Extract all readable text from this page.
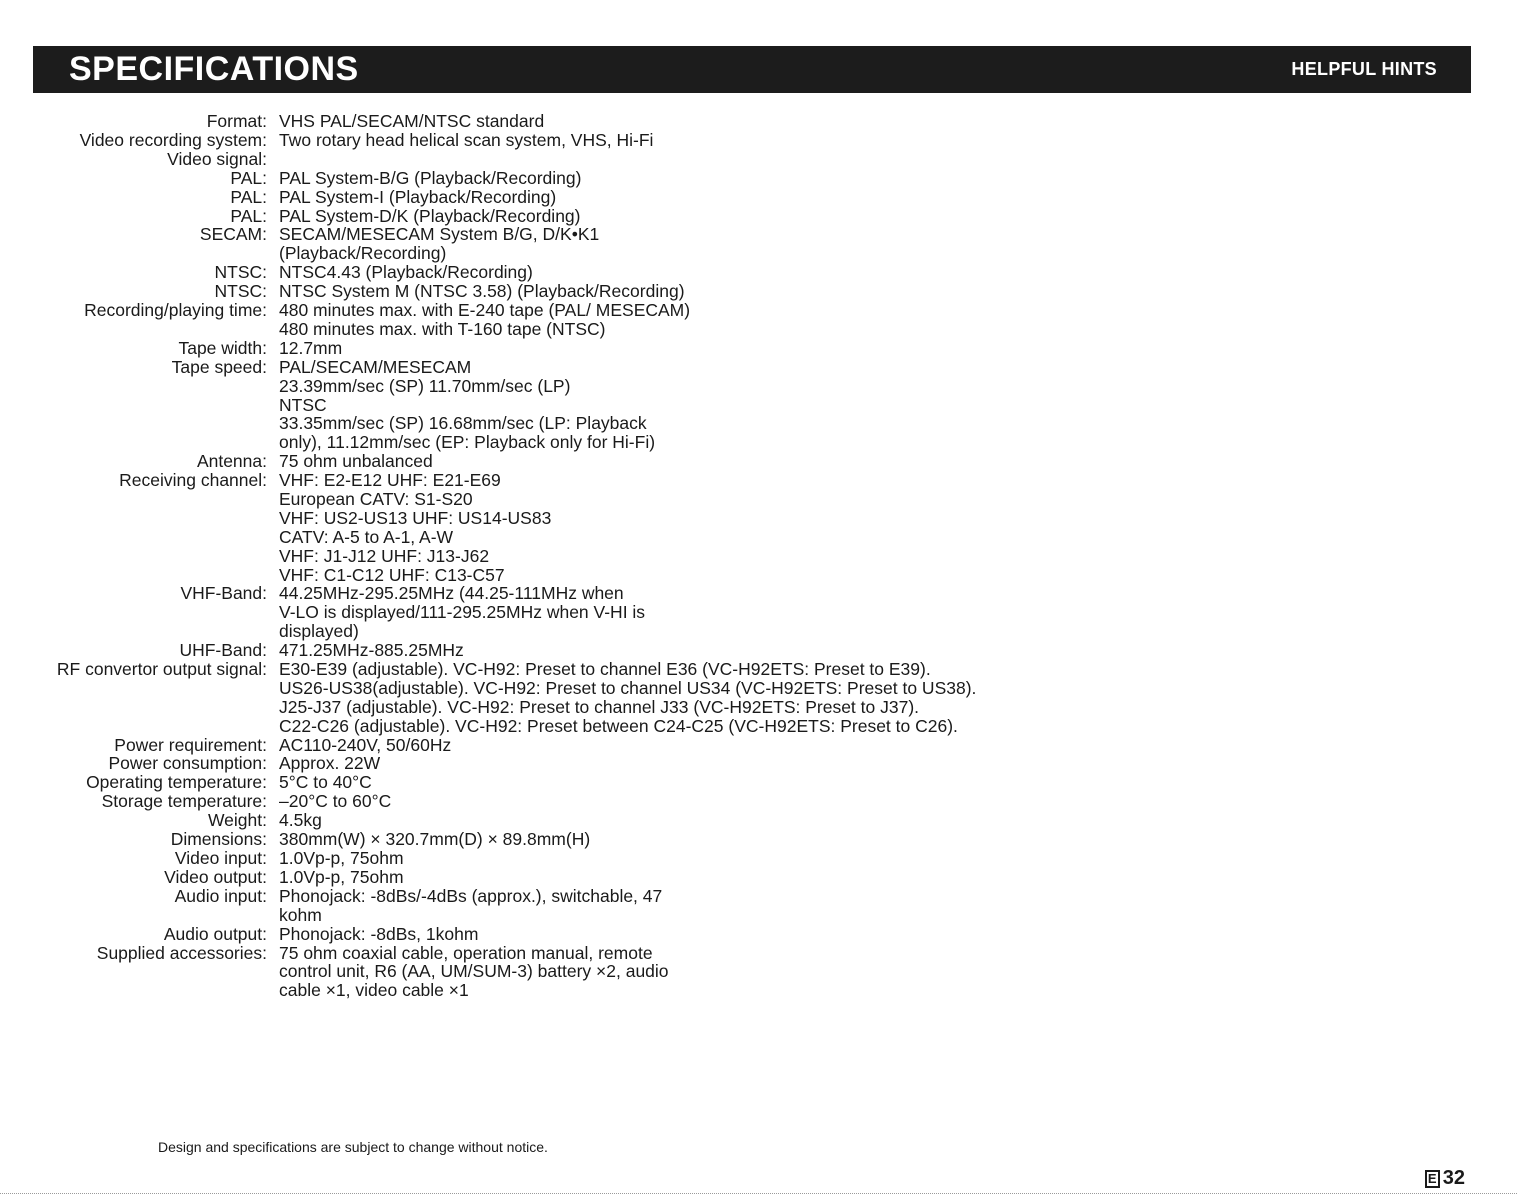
SPECIFICATIONS	HELPFUL HINTS
Format: VHS PAL/SECAM/NTSC standard
Video recording system: Two rotary head helical scan system, VHS, Hi-Fi
Video signal:
PAL: PAL System-B/G (Playback/Recording)
PAL: PAL System-I (Playback/Recording)
PAL: PAL System-D/K (Playback/Recording)
SECAM: SECAM/MESECAM System B/G, D/K•K1
(Playback/Recording)
NTSC: NTSC4.43 (Playback/Recording)
NTSC: NTSC System M (NTSC 3.58) (Playback/Recording)
Recording/playing time: 480 minutes max. with E-240 tape (PAL/ MESECAM)
480 minutes max. with T-160 tape (NTSC)
Tape width: 12.7mm
Tape speed: PAL/SECAM/MESECAM
23.39mm/sec (SP) 11.70mm/sec (LP)
NTSC
33.35mm/sec (SP) 16.68mm/sec (LP: Playback
only), 11.12mm/sec (EP: Playback only for Hi-Fi)
Antenna: 75 ohm unbalanced
Receiving channel: VHF: E2-E12 UHF: E21-E69
European CATV: S1-S20
VHF: US2-US13 UHF: US14-US83
CATV: A-5 to A-1, A-W
VHF: J1-J12 UHF: J13-J62
VHF: C1-C12 UHF: C13-C57
VHF-Band: 44.25MHz-295.25MHz (44.25-111MHz when
V-LO is displayed/111-295.25MHz when V-HI is
displayed)
UHF-Band: 471.25MHz-885.25MHz
RF convertor output signal: E30-E39 (adjustable). VC-H92: Preset to channel E36 (VC-H92ETS: Preset to E39).
US26-US38(adjustable). VC-H92: Preset to channel US34 (VC-H92ETS: Preset to US38).
J25-J37 (adjustable). VC-H92: Preset to channel J33 (VC-H92ETS: Preset to J37).
C22-C26 (adjustable). VC-H92: Preset between C24-C25 (VC-H92ETS: Preset to C26).
Power requirement: AC110-240V, 50/60Hz
Power consumption: Approx. 22W
Operating temperature: 5°C to 40°C
Storage temperature: –20°C to 60°C
Weight: 4.5kg
Dimensions: 380mm(W) × 320.7mm(D) × 89.8mm(H)
Video input: 1.0Vp-p, 75ohm
Video output: 1.0Vp-p, 75ohm
Audio input: Phonojack: -8dBs/-4dBs (approx.), switchable, 47
kohm
Audio output: Phonojack: -8dBs, 1kohm
Supplied accessories: 75 ohm coaxial cable, operation manual, remote
control unit, R6 (AA, UM/SUM-3) battery ×2, audio
cable ×1, video cable ×1
Design and specifications are subject to change without notice.
E 32
